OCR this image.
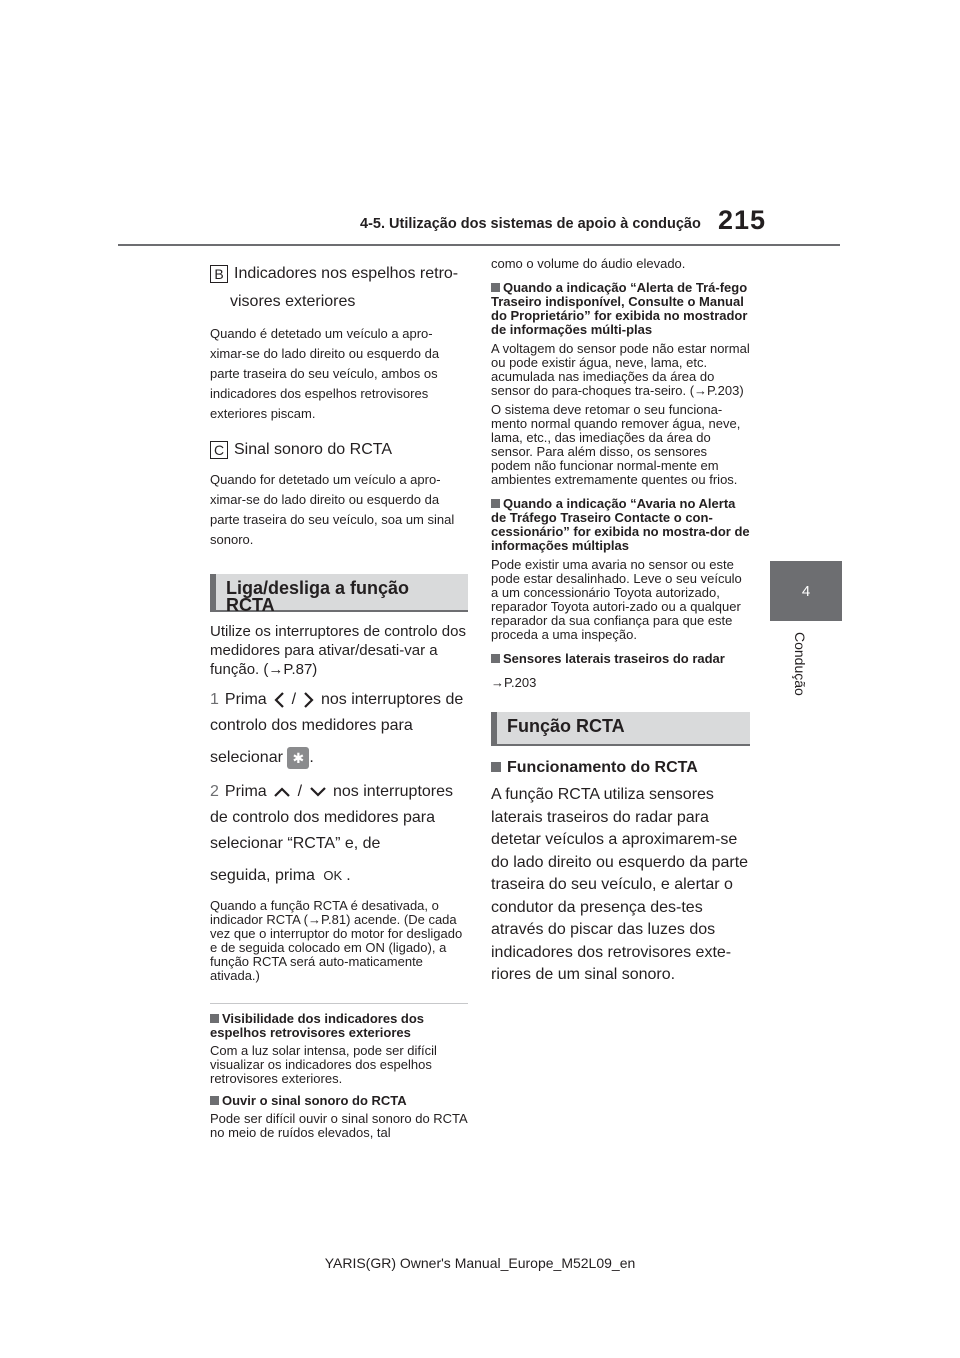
4-5. Utilização dos sistemas de apoio à condução 215
4
Condução
B Indicadores nos espelhos retro-
visores exteriores
Quando é detetado um veículo a apro-ximar-se do lado direito ou esquerdo da parte traseira do seu veículo, ambos os indicadores dos espelhos retrovisores exteriores piscam.
C Sinal sonoro do RCTA
Quando for detetado um veículo a apro-ximar-se do lado direito ou esquerdo da parte traseira do seu veículo, soa um sinal sonoro.
Liga/desliga a função RCTA
Utilize os interruptores de controlo dos medidores para ativar/desati-var a função. (→P.87)
1 Prima / nos interruptores de controlo dos medidores para
selecionar ✱ .
2 Prima / nos interruptores de controlo dos medidores para selecionar “RCTA” e, de
seguida, prima OK .
Quando a função RCTA é desativada, o indicador RCTA (→P.81) acende. (De cada vez que o interruptor do motor for desligado e de seguida colocado em ON (ligado), a função RCTA será auto-maticamente ativada.)
Visibilidade dos indicadores dos espelhos retrovisores exteriores
Com a luz solar intensa, pode ser difícil visualizar os indicadores dos espelhos retrovisores exteriores.
Ouvir o sinal sonoro do RCTA
Pode ser difícil ouvir o sinal sonoro do RCTA no meio de ruídos elevados, tal
como o volume do áudio elevado.
Quando a indicação “Alerta de Trá-fego Traseiro indisponível, Consulte o Manual do Proprietário” for exibida no mostrador de informações múlti-plas
A voltagem do sensor pode não estar normal ou pode existir água, neve, lama, etc. acumulada nas imediações da área do sensor do para-choques tra-seiro. (→P.203)
O sistema deve retomar o seu funciona-mento normal quando remover água, neve, lama, etc., das imediações da área do sensor. Para além disso, os sensores podem não funcionar normal-mente em ambientes extremamente quentes ou frios.
Quando a indicação “Avaria no Alerta de Tráfego Traseiro Contacte o con-cessionário” for exibida no mostra-dor de informações múltiplas
Pode existir uma avaria no sensor ou este pode estar desalinhado. Leve o seu veículo a um concessionário Toyota autorizado, reparador Toyota autori-zado ou a qualquer reparador da sua confiança para que este proceda a uma inspeção.
Sensores laterais traseiros do radar
→P.203
Função RCTA
Funcionamento do RCTA
A função RCTA utiliza sensores laterais traseiros do radar para detetar veículos a aproximarem-se do lado direito ou esquerdo da parte traseira do seu veículo, e alertar o condutor da presença des-tes através do piscar das luzes dos indicadores dos retrovisores exte-riores de um sinal sonoro.
YARIS(GR) Owner's Manual_Europe_M52L09_en
